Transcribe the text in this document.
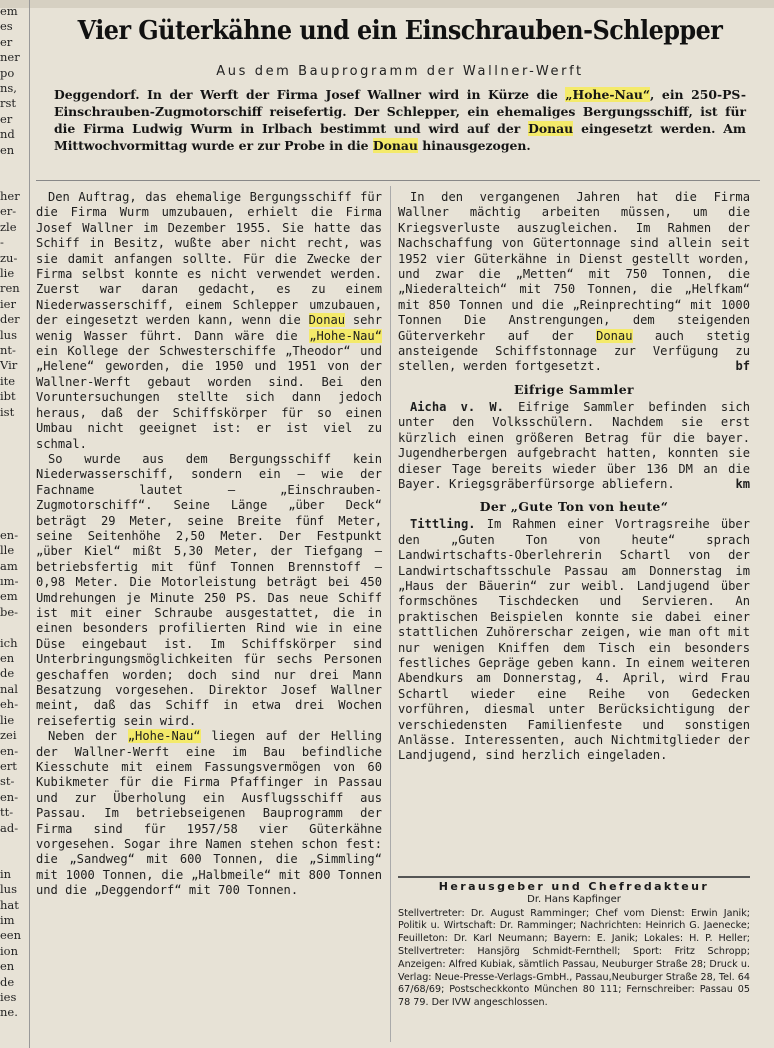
em
es
er
ner
po
ns,
rst
er
nd
en

her
er-
zle
-
zu-
lie
ren
ier
der
lus
nt-
Vir
ite
ibt
ist

en-
lle
am
ım-
em
be-

ich
en
de
nal
eh-
lie
zei
en-
ert
st-
en-
tt-
ad-

in
lus
hat
im
een
ion
en
de
ies
ne.
Vier Güterkähne und ein Einschrauben-Schlepper
Aus dem Bauprogramm der Wallner-Werft

Deggendorf. In der Werft der Firma Josef Wallner wird in Kürze die „Hohe-Nau“, ein 250-PS-Einschrauben-Zugmotorschiff reisefertig. Der Schlepper, ein ehemaliges Bergungsschiff, ist für die Firma Ludwig Wurm in Irlbach bestimmt und wird auf der Donau eingesetzt werden. Am Mittwochvormittag wurde er zur Probe in die Donau hinausgezogen.

Den Auftrag, das ehemalige Bergungsschiff für die Firma Wurm umzubauen, erhielt die Firma Josef Wallner im Dezember 1955. Sie hatte das Schiff in Besitz, wußte aber nicht recht, was sie damit anfangen sollte. Für die Zwecke der Firma selbst konnte es nicht verwendet werden. Zuerst war daran gedacht, es zu einem Niederwasserschiff, einem Schlepper umzubauen, der eingesetzt werden kann, wenn die Donau sehr wenig Wasser führt. Dann wäre die „Hohe-Nau“ ein Kollege der Schwesterschiffe „Theodor“ und „Helene“ geworden, die 1950 und 1951 von der Wallner-Werft gebaut worden sind. Bei den Voruntersuchungen stellte sich dann jedoch heraus, daß der Schiffskörper für so einen Umbau nicht geeignet ist: er ist viel zu schmal.

So wurde aus dem Bergungsschiff kein Niederwasserschiff, sondern ein — wie der Fachname lautet — „Einschrauben-Zugmotorschiff“. Seine Länge „über Deck“ beträgt 29 Meter, seine Breite fünf Meter, seine Seitenhöhe 2,50 Meter. Der Festpunkt „über Kiel“ mißt 5,30 Meter, der Tiefgang — betriebsfertig mit fünf Tonnen Brennstoff — 0,98 Meter. Die Motorleistung beträgt bei 450 Umdrehungen je Minute 250 PS. Das neue Schiff ist mit einer Schraube ausgestattet, die in einen besonders profilierten Rind wie in eine Düse eingebaut ist. Im Schiffskörper sind Unterbringungsmöglichkeiten für sechs Personen geschaffen worden; doch sind nur drei Mann Besatzung vorgesehen. Direktor Josef Wallner meint, daß das Schiff in etwa drei Wochen reisefertig sein wird.

Neben der „Hohe-Nau“ liegen auf der Helling der Wallner-Werft eine im Bau befindliche Kiesschute mit einem Fassungsvermögen von 60 Kubikmeter für die Firma Pfaffinger in Passau und zur Überholung ein Ausflugsschiff aus Passau. Im betriebseigenen Bauprogramm der Firma sind für 1957/58 vier Güterkähne vorgesehen. Sogar ihre Namen stehen schon fest: die „Sandweg“ mit 600 Tonnen, die „Simmling“ mit 1000 Tonnen, die „Halbmeile“ mit 800 Tonnen und die „Deggendorf“ mit 700 Tonnen.

In den vergangenen Jahren hat die Firma Wallner mächtig arbeiten müssen, um die Kriegsverluste auszugleichen. Im Rahmen der Nachschaffung von Gütertonnage sind allein seit 1952 vier Güterkähne in Dienst gestellt worden, und zwar die „Metten“ mit 750 Tonnen, die „Niederalteich“ mit 750 Tonnen, die „Helfkam“ mit 850 Tonnen und die „Reinprechting“ mit 1000 Tonnen Die Anstrengungen, dem steigenden Güterverkehr auf der Donau auch stetig ansteigende Schiffstonnage zur Verfügung zu stellen, werden fortgesetzt.	bf

Eifrige Sammler

Aicha v. W. Eifrige Sammler befinden sich unter den Volksschülern. Nachdem sie erst kürzlich einen größeren Betrag für die bayer. Jugendherbergen aufgebracht hatten, konnten sie dieser Tage bereits wieder über 136 DM an die Bayer. Kriegsgräberfürsorge abliefern.	km

Der „Gute Ton von heute“

Tittling. Im Rahmen einer Vortragsreihe über den „Guten Ton von heute“ sprach Landwirtschafts-Oberlehrerin Schartl von der Landwirtschaftsschule Passau am Donnerstag im „Haus der Bäuerin“ zur weibl. Landjugend über formschönes Tischdecken und Servieren. An praktischen Beispielen konnte sie dabei einer stattlichen Zuhörerschar zeigen, wie man oft mit nur wenigen Kniffen dem Tisch ein besonders festliches Gepräge geben kann. In einem weiteren Abendkurs am Donnerstag, 4. April, wird Frau Schartl wieder eine Reihe von Gedecken vorführen, diesmal unter Berücksichtigung der verschiedensten Familienfeste und sonstigen Anlässe. Interessenten, auch Nichtmitglieder der Landjugend, sind herzlich eingeladen.

Herausgeber und Chefredakteur
Dr. Hans Kapfinger
Stellvertreter: Dr. August Ramminger; Chef vom Dienst: Erwin Janik; Politik u. Wirtschaft: Dr. Ramminger; Nachrichten: Heinrich G. Jaenecke; Feuilleton: Dr. Karl Neumann; Bayern: E. Janik; Lokales: H. P. Heller; Stellvertreter: Hansjörg Schmidt-Fernthell; Sport: Fritz Schropp; Anzeigen: Alfred Kubiak, sämtlich Passau, Neuburger Straße 28; Druck u. Verlag: Neue-Presse-Verlags-GmbH., Passau,Neuburger Straße 28, Tel. 64 67/68/69; Postscheckkonto München 80 111; Fernschreiber: Passau 05 78 79. Der IVW angeschlossen.
